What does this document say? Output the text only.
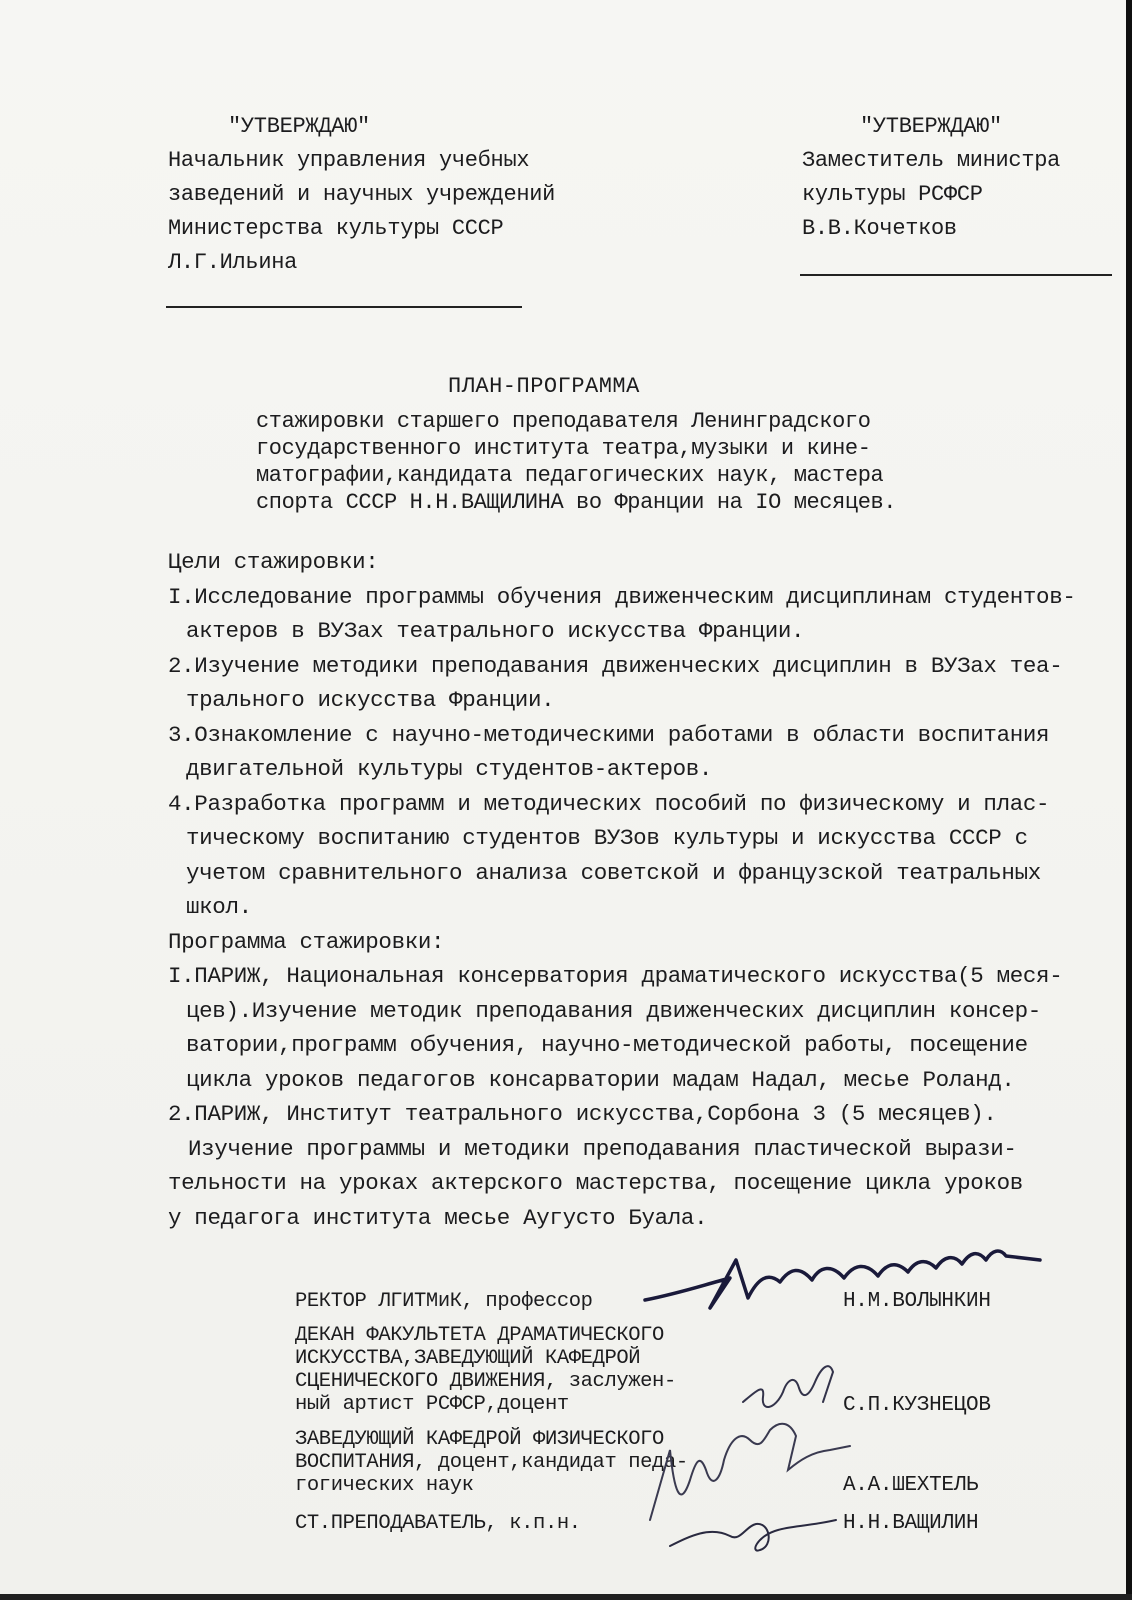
"УТВЕРЖДАЮ"
Начальник управления учебных
заведений и научных учреждений
Министерства культуры СССР
Л.Г.Ильина
"УТВЕРЖДАЮ"
Заместитель министра
культуры РСФСР
В.В.Кочетков
ПЛАН-ПРОГРАММА
стажировки старшего преподавателя Ленинградского
государственного института театра,музыки и кине-
матографии,кандидата педагогических наук, мастера
спорта СССР Н.Н.ВАЩИЛИНА во Франции на IO месяцев.
Цели стажировки:
I.Исследование программы обучения движенческим дисциплинам студентов-
актеров в ВУЗах театрального искусства Франции.
2.Изучение методики преподавания движенческих дисциплин в ВУЗах теа-
трального искусства Франции.
3.Ознакомление с научно-методическими работами в области воспитания
двигательной культуры студентов-актеров.
4.Разработка программ и методических пособий по физическому и плас-
тическому воспитанию студентов ВУЗов культуры и искусства СССР с
учетом сравнительного анализа советской и французской театральных
школ.
Программа стажировки:
I.ПАРИЖ, Национальная консерватория драматического искусства(5 меся-
цев).Изучение методик преподавания движенческих дисциплин консер-
ватории,программ обучения, научно-методической работы, посещение
цикла уроков педагогов консарватории мадам Надал, месье Роланд.
2.ПАРИЖ, Институт театрального искусства,Сорбона 3 (5 месяцев).
Изучение программы и методики преподавания пластической вырази-
тельности на уроках актерского мастерства, посещение цикла уроков
у педагога института месье Аугусто Буала.
РЕКТОР ЛГИТМиК, профессор	Н.М.ВОЛЫНКИН
ДЕКАН ФАКУЛЬТЕТА ДРАМАТИЧЕСКОГО
ИСКУССТВА,ЗАВЕДУЮЩИЙ КАФЕДРОЙ
СЦЕНИЧЕСКОГО ДВИЖЕНИЯ, заслужен-
ный артист РСФСР,доцент	С.П.КУЗНЕЦОВ
ЗАВЕДУЮЩИЙ КАФЕДРОЙ ФИЗИЧЕСКОГО
ВОСПИТАНИЯ, доцент,кандидат педа-
гогических наук	А.А.ШЕХТЕЛЬ
СТ.ПРЕПОДАВАТЕЛЬ, к.п.н.	Н.Н.ВАЩИЛИН
